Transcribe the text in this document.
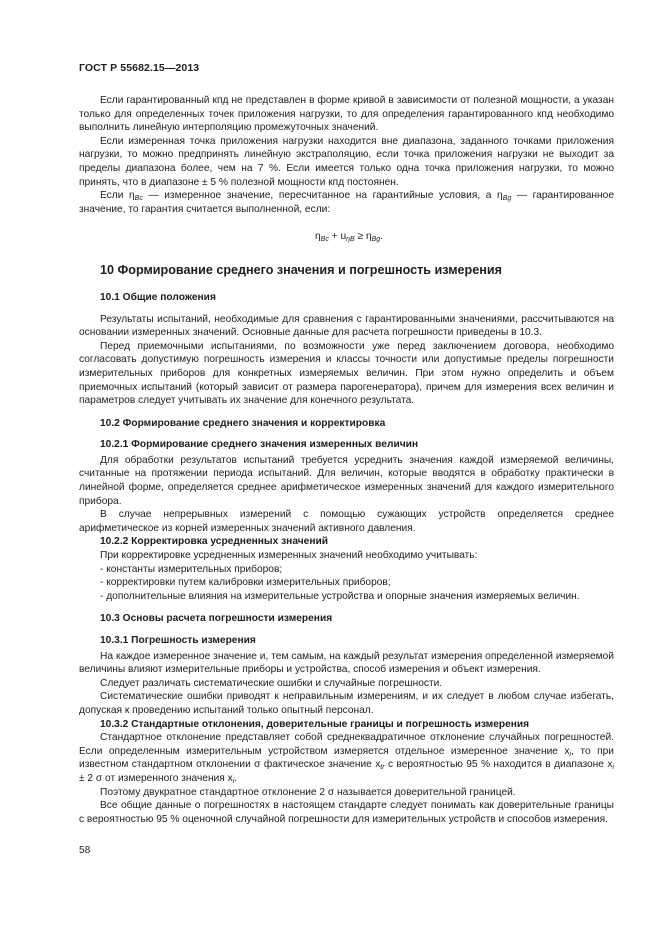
ГОСТ Р 55682.15—2013

Если гарантированный кпд не представлен в форме кривой в зависимости от полезной мощности, а указан только для определенных точек приложения нагрузки, то для определения гарантированного кпд необходимо выполнить линейную интерполяцию промежуточных значений.

Если измеренная точка приложения нагрузки находится вне диапазона, заданного точками приложения нагрузки, то можно предпринять линейную экстраполяцию, если точка приложения нагрузки не выходит за пределы диапазона более, чем на 7 %. Если имеется только одна точка приложения нагрузки, то можно принять, что в диапазоне ± 5 % полезной мощности кпд постоянен.

Если $\eta_{Bc}$ — измеренное значение, пересчитанное на гарантийные условия, а $\eta_{Bg}$ — гарантированное значение, то гарантия считается выполненной, если:

$\eta_{Bc} + u_{\eta B} \ge \eta_{Bg}$.
10 Формирование среднего значения и погрешность измерения
10.1 Общие положения

Результаты испытаний, необходимые для сравнения с гарантированными значениями, рассчитываются на основании измеренных значений. Основные данные для расчета погрешности приведены в 10.3.

Перед приемочными испытаниями, по возможности уже перед заключением договора, необходимо согласовать допустимую погрешность измерения и классы точности или допустимые пределы погрешности измерительных приборов для конкретных измеряемых величин. При этом нужно определить и объем приемочных испытаний (который зависит от размера парогенератора), причем для измерения всех величин и параметров следует учитывать их значение для конечного результата.

10.2 Формирование среднего значения и корректировка
10.2.1 Формирование среднего значения измеренных величин

Для обработки результатов испытаний требуется усреднить значения каждой измеряемой величины, считанные на протяжении периода испытаний. Для величин, которые вводятся в обработку практически в линейной форме, определяется среднее арифметическое измеренных значений для каждого измерительного прибора.

В случае непрерывных измерений с помощью сужающих устройств определяется среднее арифметическое из корней измеренных значений активного давления.

10.2.2 Корректировка усредненных значений

При корректировке усредненных измеренных значений необходимо учитывать:

- константы измерительных приборов;

- корректировки путем калибровки измерительных приборов;

- дополнительные влияния на измерительные устройства и опорные значения измеряемых величин.

10.3 Основы расчета погрешности измерения
10.3.1 Погрешность измерения

На каждое измеренное значение и, тем самым, на каждый результат измерения определенной измеряемой величины влияют измерительные приборы и устройства, способ измерения и объект измерения.

Следует различать систематические ошибки и случайные погрешности.

Систематические ошибки приводят к неправильным измерениям, и их следует в любом случае избегать, допуская к проведению испытаний только опытный персонал.

10.3.2 Стандартные отклонения, доверительные границы и погрешность измерения

Стандартное отклонение представляет собой среднеквадратичное отклонение случайных погрешностей. Если определенным измерительным устройством измеряется отдельное измеренное значение $x_i$, то при известном стандартном отклонении σ фактическое значение $x_{tr}$ с вероятностью 95 % находится в диапазоне $x_i \pm 2$ σ от измеренного значения $x_i$.

Поэтому двукратное стандартное отклонение 2 σ называется доверительной границей.

Все общие данные о погрешностях в настоящем стандарте следует понимать как доверительные границы с вероятностью 95 % оценочной случайной погрешности для измерительных устройств и способов измерения.

58
